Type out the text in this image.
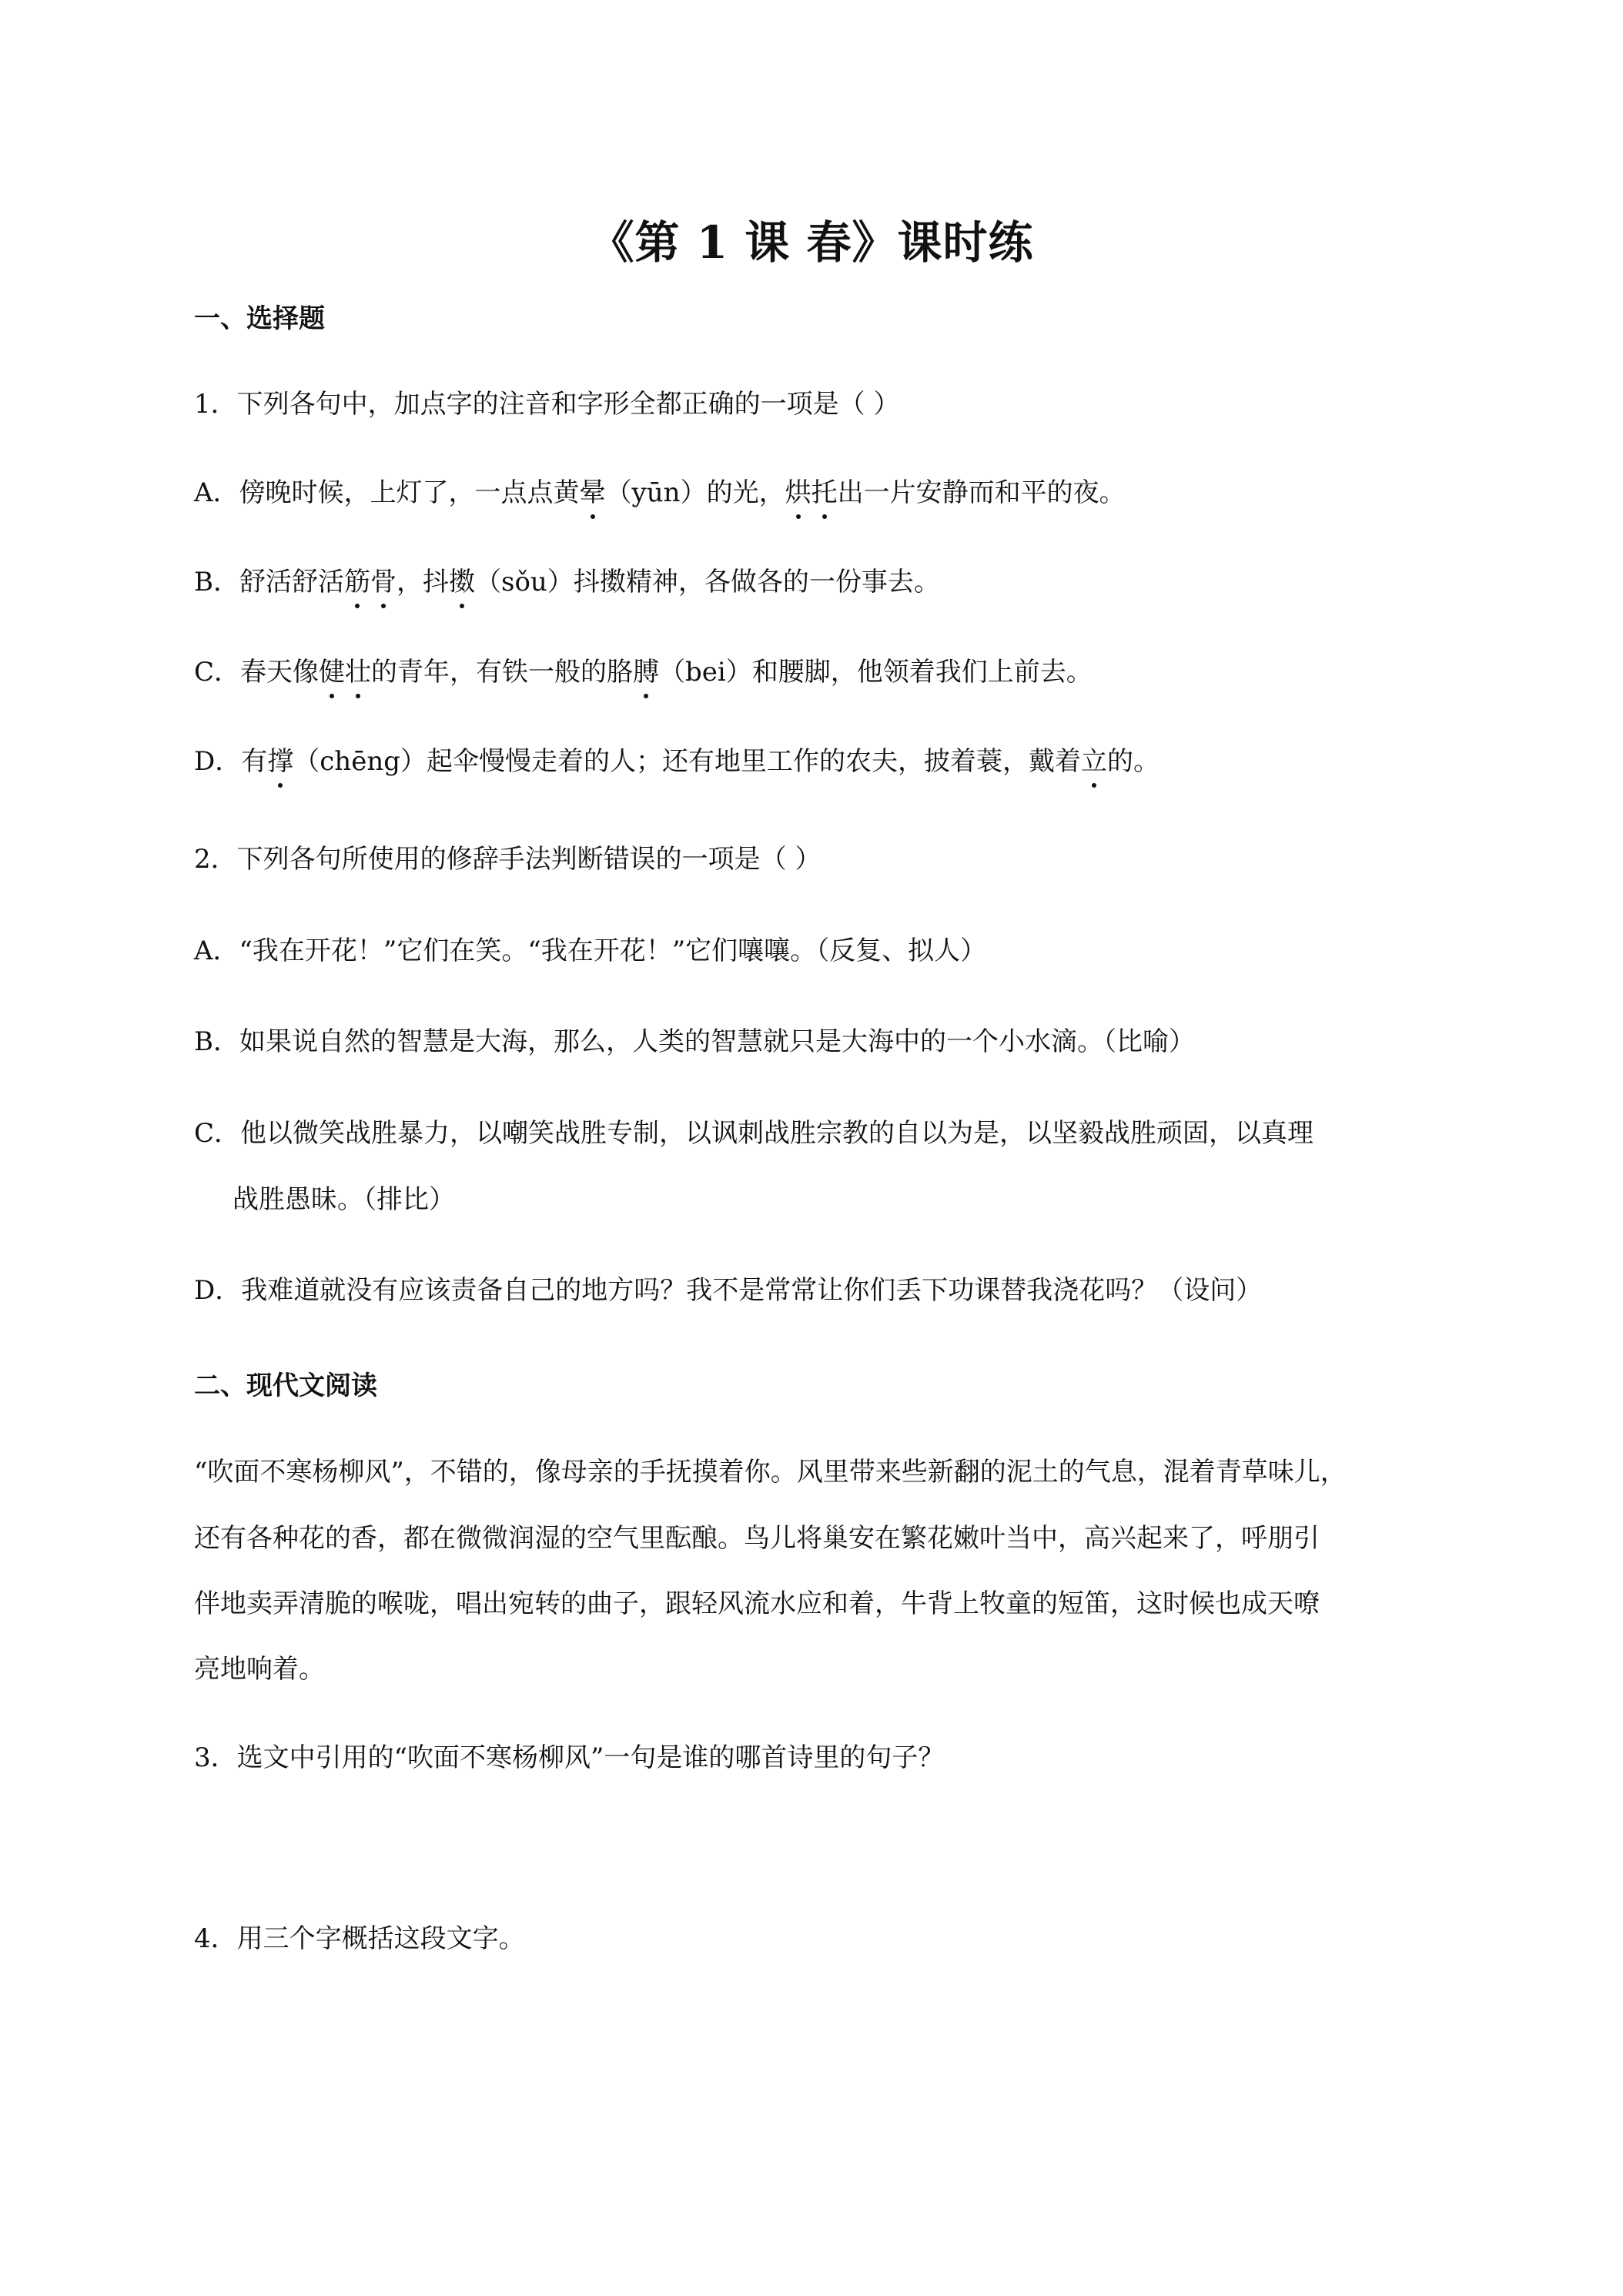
《第 1 课 春》课时练
一、选择题
1．下列各句中，加点字的注音和字形全都正确的一项是（ ）
A．傍晚时候，上灯了，一点点黄晕（yūn）的光，烘托出一片安静而和平的夜。
B．舒活舒活筋骨，抖擞（sǒu）抖擞精神，各做各的一份事去。
C．春天像健壮的青年，有铁一般的胳膊（bei）和腰脚，他领着我们上前去。
D．有撑（chēng）起伞慢慢走着的人；还有地里工作的农夫，披着蓑，戴着立的。
2．下列各句所使用的修辞手法判断错误的一项是（ ）
A．“我在开花！”它们在笑。“我在开花！”它们嚷嚷。（反复、拟人）
B．如果说自然的智慧是大海，那么，人类的智慧就只是大海中的一个小水滴。（比喻）
C．他以微笑战胜暴力，以嘲笑战胜专制，以讽刺战胜宗教的自以为是，以坚毅战胜顽固，以真理
战胜愚昧。（排比）
D．我难道就没有应该责备自己的地方吗？我不是常常让你们丢下功课替我浇花吗？（设问）
二、现代文阅读
“吹面不寒杨柳风”，不错的，像母亲的手抚摸着你。风里带来些新翻的泥土的气息，混着青草味儿，
还有各种花的香，都在微微润湿的空气里酝酿。鸟儿将巢安在繁花嫩叶当中，高兴起来了，呼朋引
伴地卖弄清脆的喉咙，唱出宛转的曲子，跟轻风流水应和着，牛背上牧童的短笛，这时候也成天嘹
亮地响着。
3．选文中引用的“吹面不寒杨柳风”一句是谁的哪首诗里的句子？
4．用三个字概括这段文字。
